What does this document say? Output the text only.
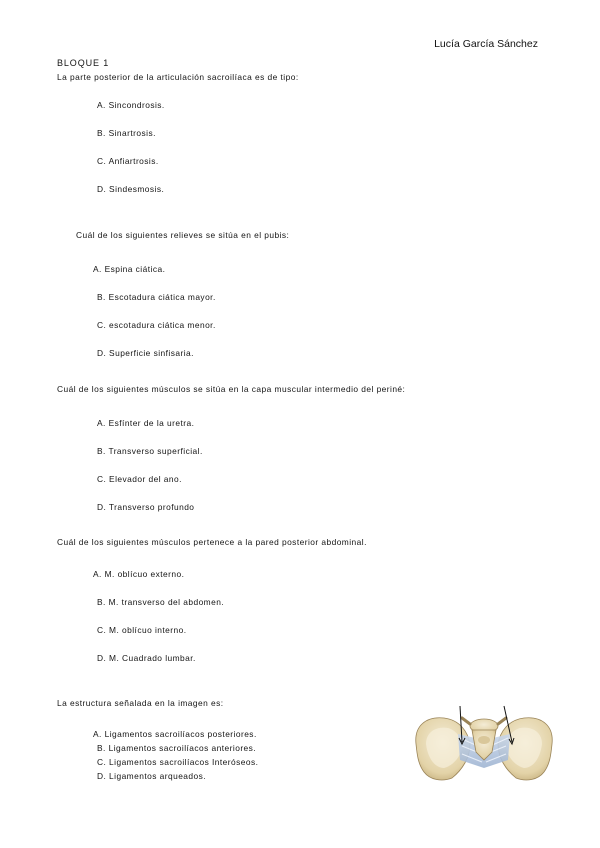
Lucía García Sánchez
BLOQUE 1
La parte posterior de la articulación sacroilíaca es de tipo:
A. Sincondrosis.
B. Sinartrosis.
C. Anfiartrosis.
D. Sindesmosis.
Cuál de los siguientes relieves se sitúa en el pubis:
A. Espina ciática.
B. Escotadura ciática mayor.
C. escotadura ciática menor.
D. Superficie sinfisaria.
Cuál de los siguientes músculos se sitúa en la capa muscular intermedio del periné:
A. Esfínter de la uretra.
B. Transverso superficial.
C. Elevador del ano.
D. Transverso profundo
Cuál de los siguientes músculos pertenece a la pared posterior abdominal.
A. M. oblícuo externo.
B. M. transverso del abdomen.
C. M. oblícuo interno.
D. M. Cuadrado lumbar.
La estructura señalada en la imagen es:
A. Ligamentos sacroilíacos posteriores.
B. Ligamentos sacroilíacos anteriores.
C. Ligamentos sacroilíacos Interóseos.
D. Ligamentos arqueados.
